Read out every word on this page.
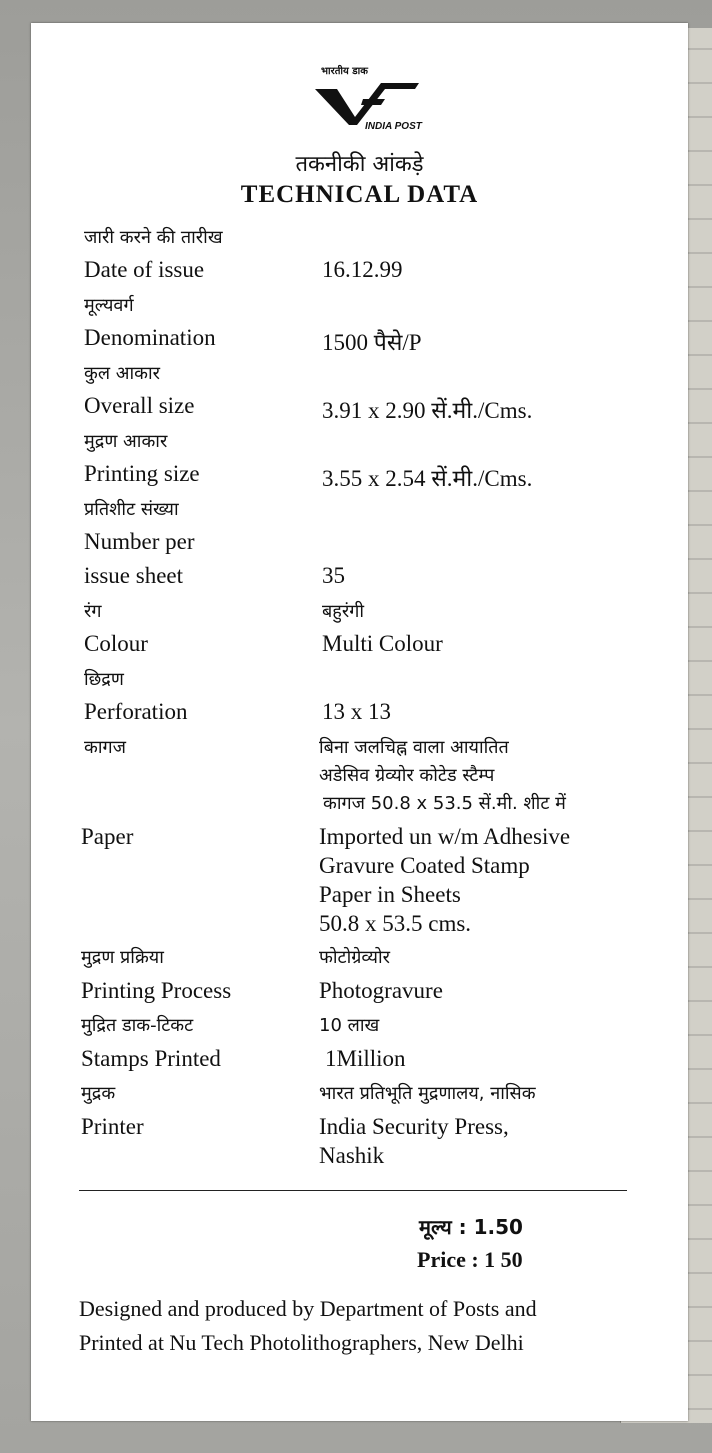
भारतीय डाक
INDIA POST
तकनीकी आंकड़े
TECHNICAL DATA
जारी करने की तारीख
Date of issue	16.12.99
मूल्यवर्ग
Denomination	1500 पैसे/P
कुल आकार
Overall size	3.91 x 2.90 सें.मी./Cms.
मुद्रण आकार
Printing size	3.55 x 2.54 सें.मी./Cms.
प्रतिशीट संख्या
Number per
issue sheet	35
रंग	बहुरंगी
Colour	Multi Colour
छिद्रण
Perforation	13 x 13
कागज	बिना जलचिह्न वाला आयातित
अडेसिव ग्रेव्योर कोटेड स्टैम्प
कागज 50.8 x 53.5 सें.मी. शीट में
Paper	Imported un w/m Adhesive
Gravure Coated Stamp
Paper in Sheets
50.8 x 53.5 cms.
मुद्रण प्रक्रिया	फोटोग्रेव्योर
Printing Process	Photogravure
मुद्रित डाक-टिकट	10 लाख
Stamps Printed	1Million
मुद्रक	भारत प्रतिभूति मुद्रणालय, नासिक
Printer	India Security Press,
Nashik
मूल्य : 1.50
Price : 1 50
Designed and produced by Department of Posts and
Printed at Nu Tech Photolithographers, New Delhi
